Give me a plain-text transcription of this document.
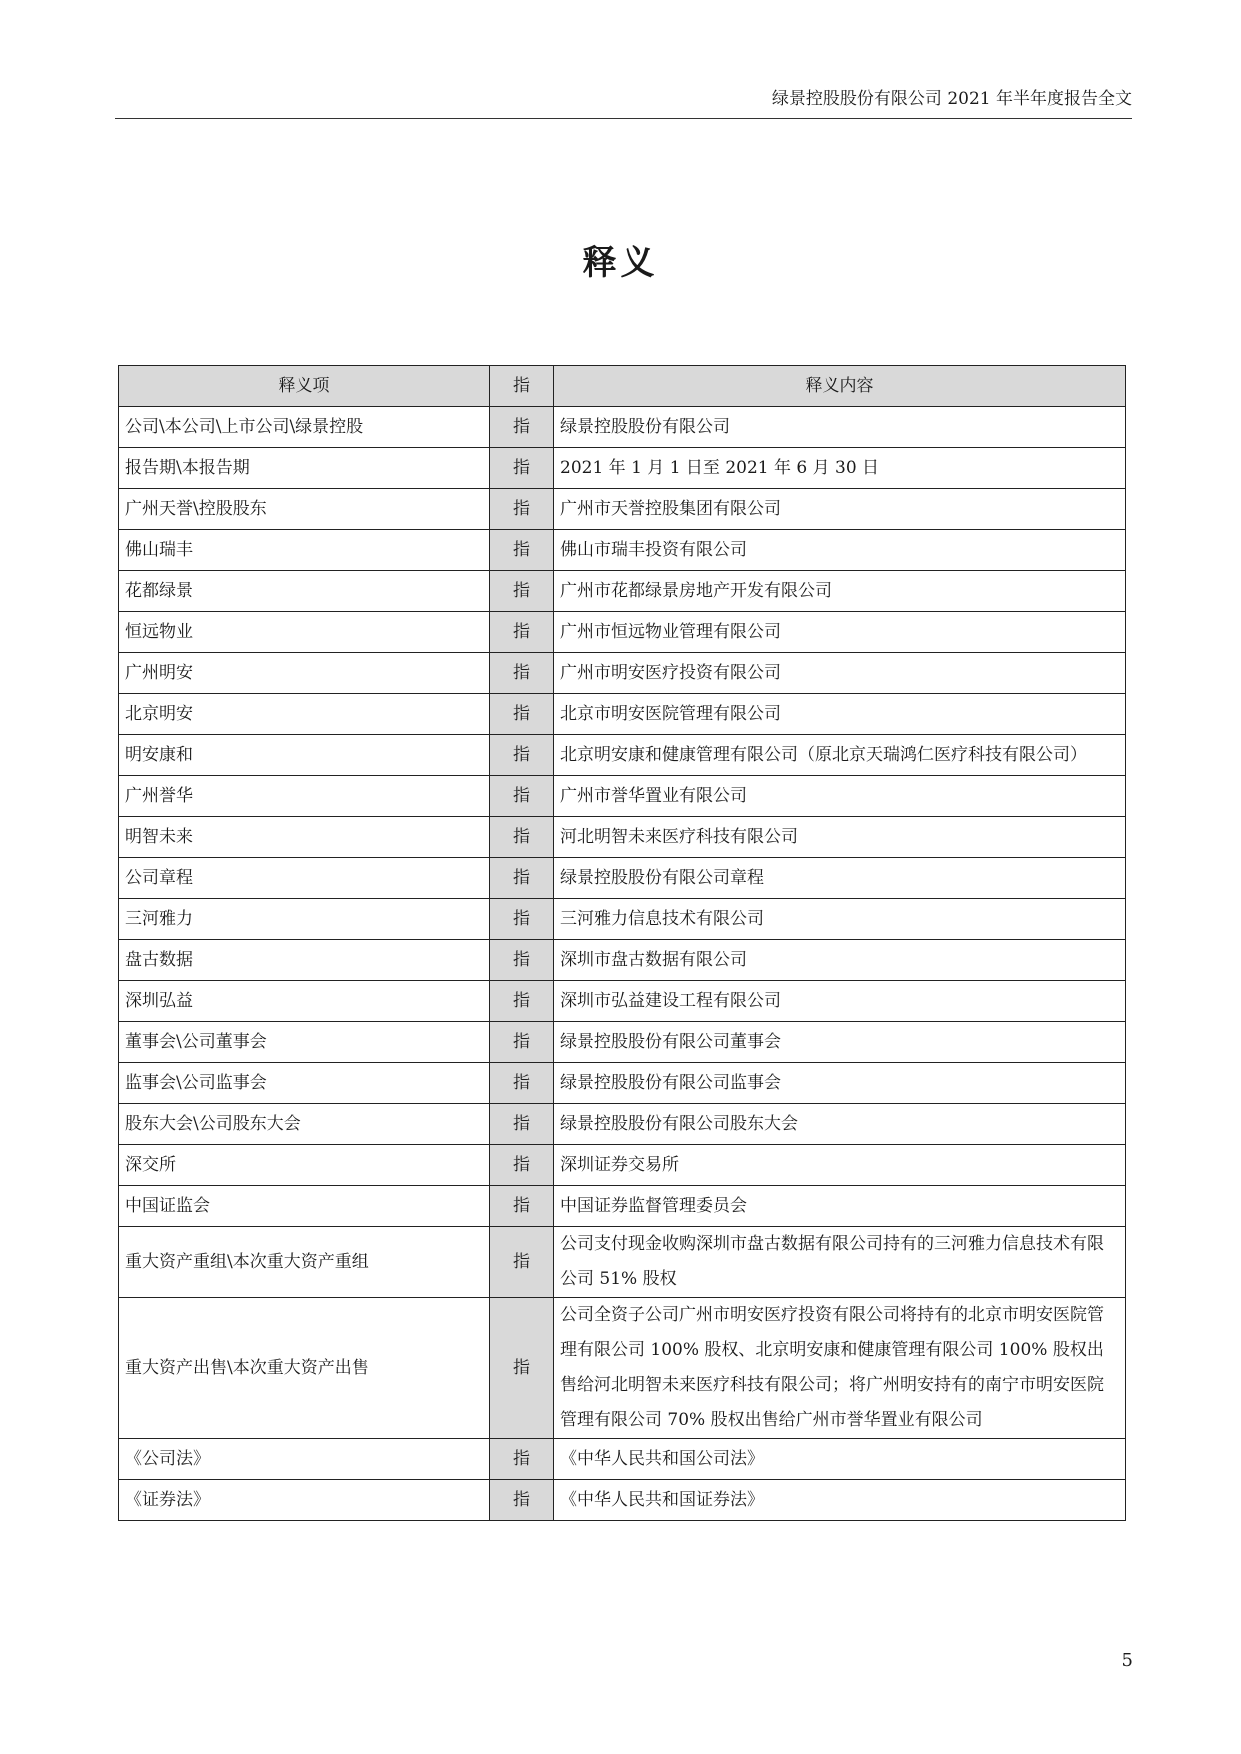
绿景控股股份有限公司 2021 年半年度报告全文
释义
释义项	指	释义内容
公司\本公司\上市公司\绿景控股	指	绿景控股股份有限公司
报告期\本报告期	指	2021 年 1 月 1 日至 2021 年 6 月 30 日
广州天誉\控股股东	指	广州市天誉控股集团有限公司
佛山瑞丰	指	佛山市瑞丰投资有限公司
花都绿景	指	广州市花都绿景房地产开发有限公司
恒远物业	指	广州市恒远物业管理有限公司
广州明安	指	广州市明安医疗投资有限公司
北京明安	指	北京市明安医院管理有限公司
明安康和	指	北京明安康和健康管理有限公司（原北京天瑞鸿仁医疗科技有限公司）
广州誉华	指	广州市誉华置业有限公司
明智未来	指	河北明智未来医疗科技有限公司
公司章程	指	绿景控股股份有限公司章程
三河雅力	指	三河雅力信息技术有限公司
盘古数据	指	深圳市盘古数据有限公司
深圳弘益	指	深圳市弘益建设工程有限公司
董事会\公司董事会	指	绿景控股股份有限公司董事会
监事会\公司监事会	指	绿景控股股份有限公司监事会
股东大会\公司股东大会	指	绿景控股股份有限公司股东大会
深交所	指	深圳证券交易所
中国证监会	指	中国证券监督管理委员会
重大资产重组\本次重大资产重组	指	公司支付现金收购深圳市盘古数据有限公司持有的三河雅力信息技术有限公司 51% 股权
重大资产出售\本次重大资产出售	指	公司全资子公司广州市明安医疗投资有限公司将持有的北京市明安医院管理有限公司 100% 股权、北京明安康和健康管理有限公司 100% 股权出售给河北明智未来医疗科技有限公司；将广州明安持有的南宁市明安医院管理有限公司 70% 股权出售给广州市誉华置业有限公司
《公司法》	指	《中华人民共和国公司法》
《证券法》	指	《中华人民共和国证券法》
5
